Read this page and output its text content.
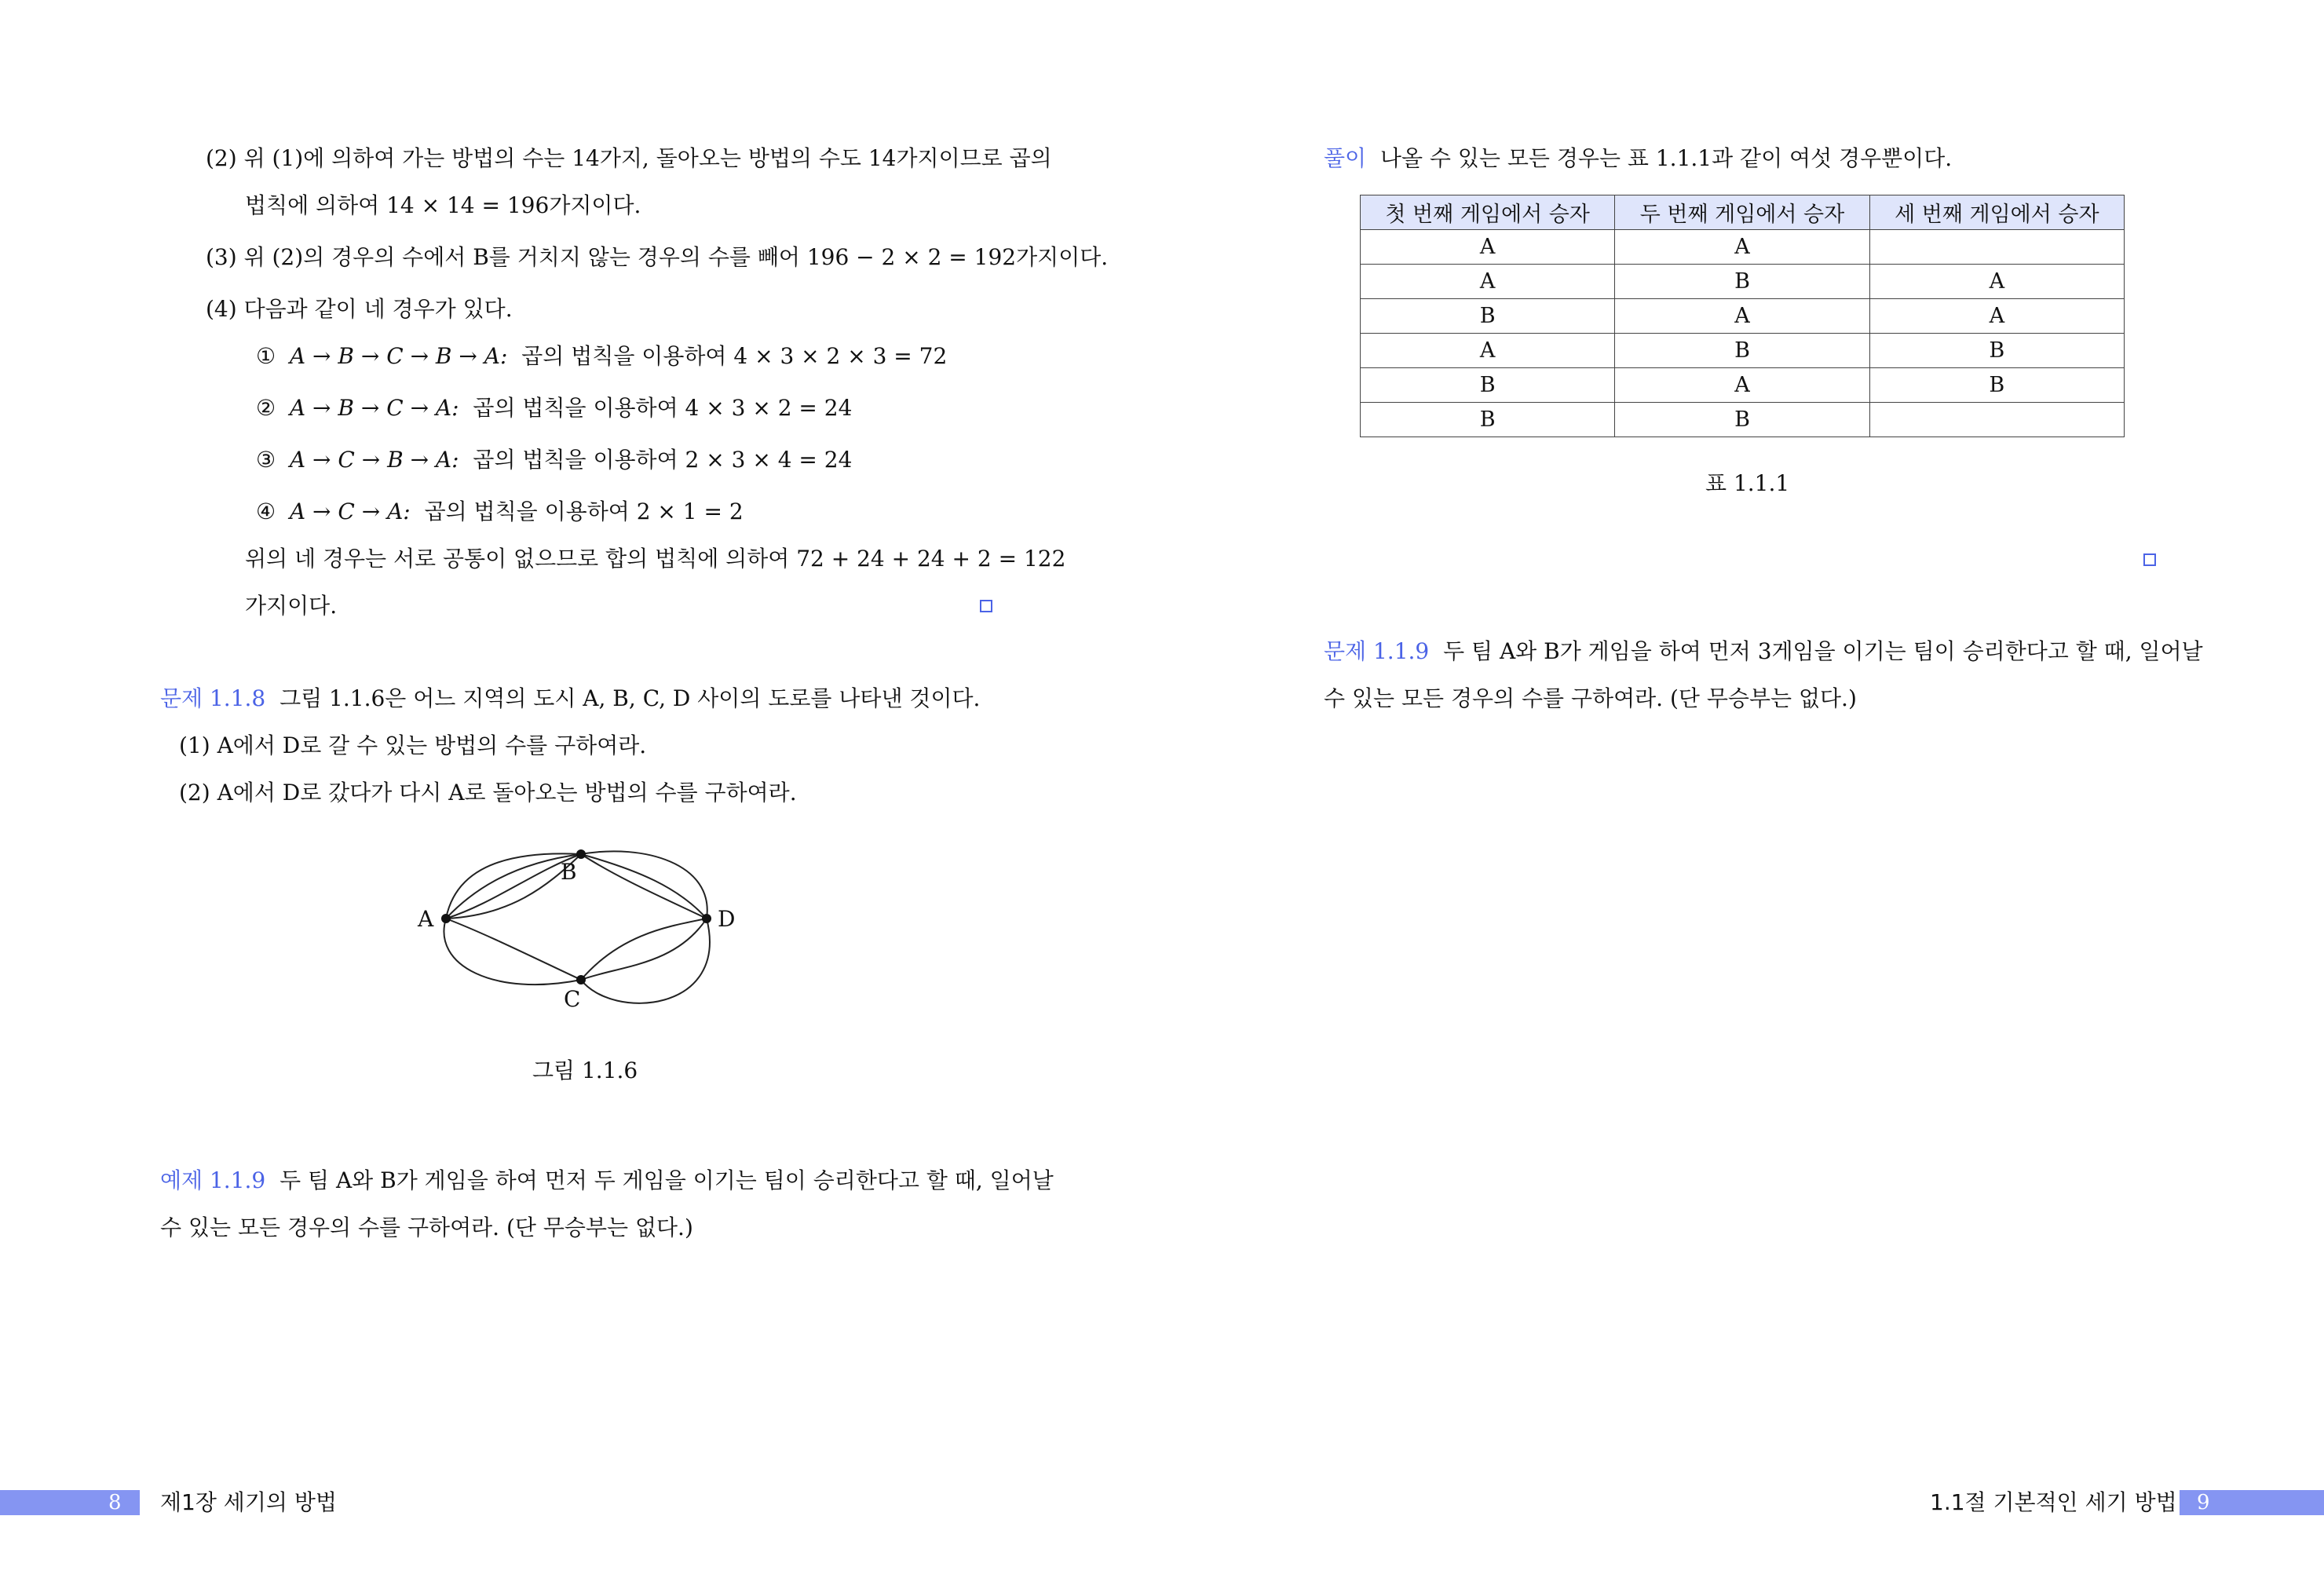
(2) 위 (1)에 의하여 가는 방법의 수는 14가지, 돌아오는 방법의 수도 14가지이므로 곱의
법칙에 의하여 14 × 14 = 196가지이다.
(3) 위 (2)의 경우의 수에서 B를 거치지 않는 경우의 수를 빼어 196 − 2 × 2 = 192가지이다.
(4) 다음과 같이 네 경우가 있다.
① A → B → C → B → A: 곱의 법칙을 이용하여 4 × 3 × 2 × 3 = 72
② A → B → C → A: 곱의 법칙을 이용하여 4 × 3 × 2 = 24
③ A → C → B → A: 곱의 법칙을 이용하여 2 × 3 × 4 = 24
④ A → C → A: 곱의 법칙을 이용하여 2 × 1 = 2
위의 네 경우는 서로 공통이 없으므로 합의 법칙에 의하여 72 + 24 + 24 + 2 = 122
가지이다.
문제 1.1.8 그림 1.1.6은 어느 지역의 도시 A, B, C, D 사이의 도로를 나타낸 것이다.
(1) A에서 D로 갈 수 있는 방법의 수를 구하여라.
(2) A에서 D로 갔다가 다시 A로 돌아오는 방법의 수를 구하여라.
A
B
C
D
그림 1.1.6
예제 1.1.9 두 팀 A와 B가 게임을 하여 먼저 두 게임을 이기는 팀이 승리한다고 할 때, 일어날
수 있는 모든 경우의 수를 구하여라. (단 무승부는 없다.)
8 제1장 세기의 방법
풀이 나올 수 있는 모든 경우는 표 1.1.1과 같이 여섯 경우뿐이다.
첫 번째 게임에서 승자	두 번째 게임에서 승자	세 번째 게임에서 승자
A	A	
A	B	A
B	A	A
A	B	B
B	A	B
B	B	
표 1.1.1
문제 1.1.9 두 팀 A와 B가 게임을 하여 먼저 3게임을 이기는 팀이 승리한다고 할 때, 일어날
수 있는 모든 경우의 수를 구하여라. (단 무승부는 없다.)
1.1절 기본적인 세기 방법 9
